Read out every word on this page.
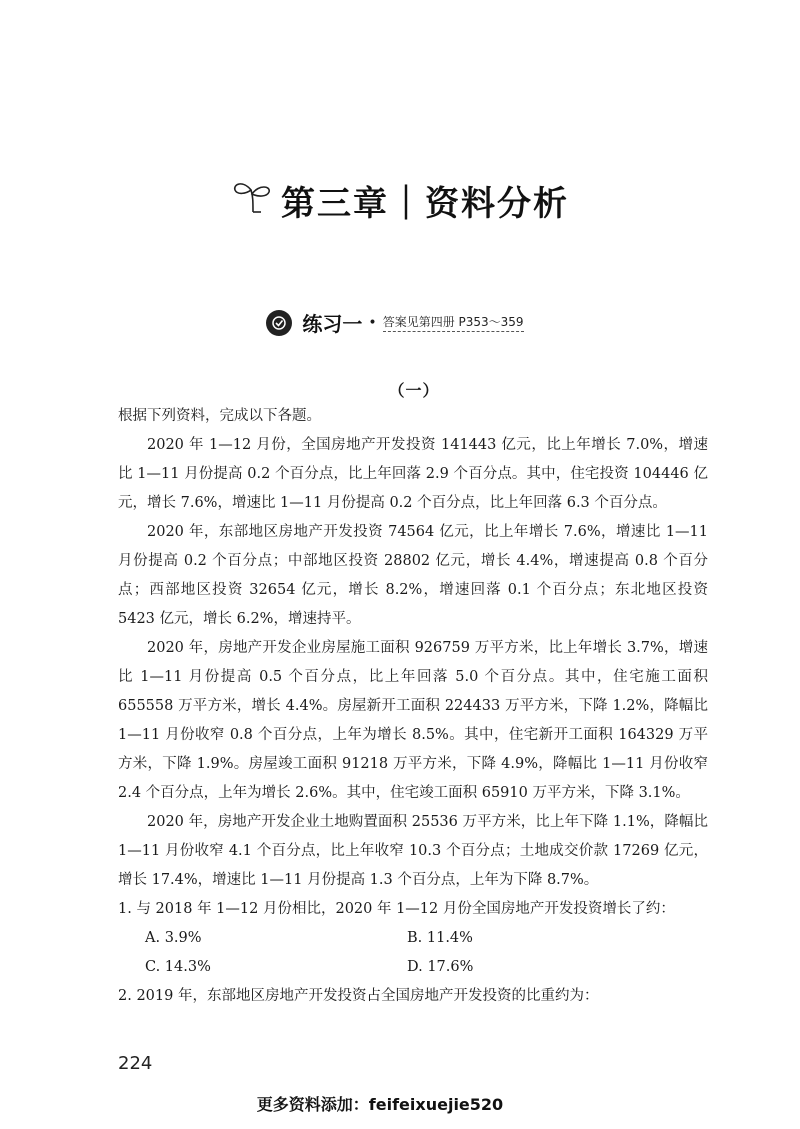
第三章｜资料分析
练习一 • 答案见第四册 P353～359
（一）

根据下列资料，完成以下各题。

2020 年 1—12 月份，全国房地产开发投资 141443 亿元，比上年增长 7.0%，增速比 1—11 月份提高 0.2 个百分点，比上年回落 2.9 个百分点。其中，住宅投资 104446 亿元，增长 7.6%，增速比 1—11 月份提高 0.2 个百分点，比上年回落 6.3 个百分点。

2020 年，东部地区房地产开发投资 74564 亿元，比上年增长 7.6%，增速比 1—11 月份提高 0.2 个百分点；中部地区投资 28802 亿元，增长 4.4%，增速提高 0.8 个百分点；西部地区投资 32654 亿元，增长 8.2%，增速回落 0.1 个百分点；东北地区投资 5423 亿元，增长 6.2%，增速持平。

2020 年，房地产开发企业房屋施工面积 926759 万平方米，比上年增长 3.7%，增速比 1—11 月份提高 0.5 个百分点，比上年回落 5.0 个百分点。其中，住宅施工面积 655558 万平方米，增长 4.4%。房屋新开工面积 224433 万平方米，下降 1.2%，降幅比 1—11 月份收窄 0.8 个百分点，上年为增长 8.5%。其中，住宅新开工面积 164329 万平方米，下降 1.9%。房屋竣工面积 91218 万平方米，下降 4.9%，降幅比 1—11 月份收窄 2.4 个百分点，上年为增长 2.6%。其中，住宅竣工面积 65910 万平方米，下降 3.1%。

2020 年，房地产开发企业土地购置面积 25536 万平方米，比上年下降 1.1%，降幅比 1—11 月份收窄 4.1 个百分点，比上年收窄 10.3 个百分点；土地成交价款 17269 亿元，增长 17.4%，增速比 1—11 月份提高 1.3 个百分点，上年为下降 8.7%。

1. 与 2018 年 1—12 月份相比，2020 年 1—12 月份全国房地产开发投资增长了约：
A. 3.9%	B. 11.4%
C. 14.3%	D. 17.6%
2. 2019 年，东部地区房地产开发投资占全国房地产开发投资的比重约为：
224
更多资料添加：feifeixuejie520
